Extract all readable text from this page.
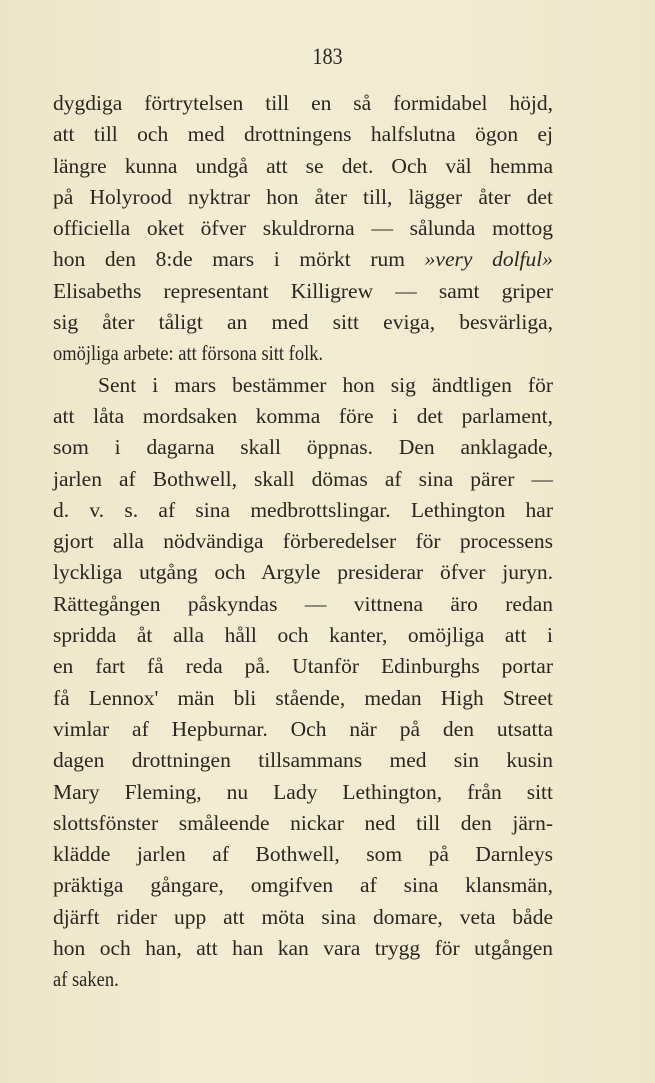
183
dygdiga förtrytelsen till en så formidabel höjd,
att till och med drottningens halfslutna ögon ej
längre kunna undgå att se det. Och väl hemma
på Holyrood nyktrar hon åter till, lägger åter det
officiella oket öfver skuldrorna — sålunda mottog
hon den 8:de mars i mörkt rum »very dolful»
Elisabeths representant Killigrew — samt griper
sig åter tåligt an med sitt eviga, besvärliga,
omöjliga arbete: att försona sitt folk.
Sent i mars bestämmer hon sig ändtligen för
att låta mordsaken komma före i det parlament,
som i dagarna skall öppnas. Den anklagade,
jarlen af Bothwell, skall dömas af sina pärer —
d. v. s. af sina medbrottslingar. Lethington har
gjort alla nödvändiga förberedelser för processens
lyckliga utgång och Argyle presiderar öfver juryn.
Rättegången påskyndas — vittnena äro redan
spridda åt alla håll och kanter, omöjliga att i
en fart få reda på. Utanför Edinburghs portar
få Lennox' män bli stående, medan High Street
vimlar af Hepburnar. Och när på den utsatta
dagen drottningen tillsammans med sin kusin
Mary Fleming, nu Lady Lethington, från sitt
slottsfönster småleende nickar ned till den järn-
klädde jarlen af Bothwell, som på Darnleys
präktiga gångare, omgifven af sina klansmän,
djärft rider upp att möta sina domare, veta både
hon och han, att han kan vara trygg för utgången
af saken.
